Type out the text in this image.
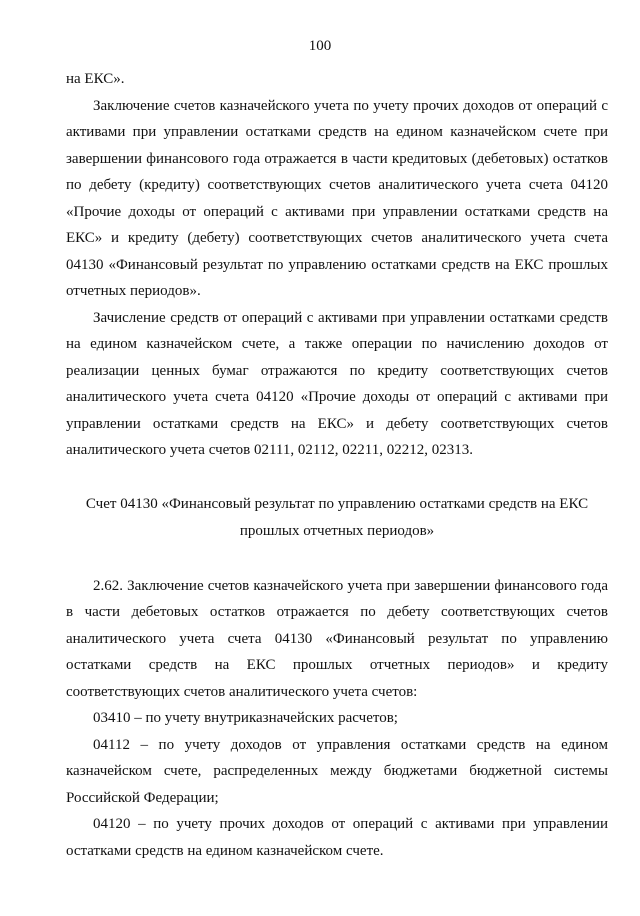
100

на ЕКС».

Заключение счетов казначейского учета по учету прочих доходов от операций с активами при управлении остатками средств на едином казначейском счете при завершении финансового года отражается в части кредитовых (дебетовых) остатков по дебету (кредиту) соответствующих счетов аналитического учета счета 04120 «Прочие доходы от операций с активами при управлении остатками средств на ЕКС» и кредиту (дебету) соответствующих счетов аналитического учета счета 04130 «Финансовый результат по управлению остатками средств на ЕКС прошлых отчетных периодов».

Зачисление средств от операций с активами при управлении остатками средств на едином казначейском счете, а также операции по начислению доходов от реализации ценных бумаг отражаются по кредиту соответствующих счетов аналитического учета счета 04120 «Прочие доходы от операций с активами при управлении остатками средств на ЕКС» и дебету соответствующих счетов аналитического учета счетов 02111, 02112, 02211, 02212, 02313.

Счет 04130 «Финансовый результат по управлению остатками средств на ЕКС
прошлых отчетных периодов»

2.62. Заключение счетов казначейского учета при завершении финансового года в части дебетовых остатков отражается по дебету соответствующих счетов аналитического учета счета 04130 «Финансовый результат по управлению остатками средств на ЕКС прошлых отчетных периодов» и кредиту соответствующих счетов аналитического учета счетов:

03410 – по учету внутриказначейских расчетов;

04112 – по учету доходов от управления остатками средств на едином казначейском счете, распределенных между бюджетами бюджетной системы Российской Федерации;

04120 – по учету прочих доходов от операций с активами при управлении остатками средств на едином казначейском счете.
